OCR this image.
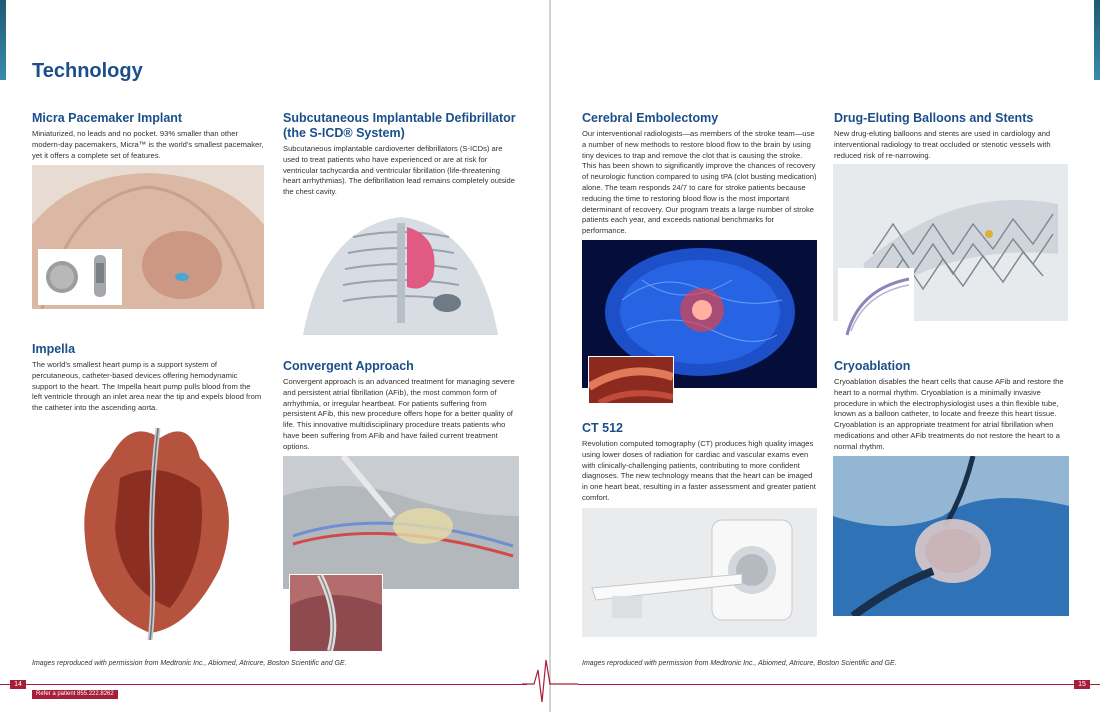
Technology
Micra Pacemaker Implant

Miniaturized, no leads and no pocket. 93% smaller than other modern-day pacemakers, Micra™ is the world's smallest pacemaker, yet it offers a complete set of features.

Subcutaneous Implantable Defibrillator (the S-ICD® System)

Subcutaneous implantable cardioverter defibrillators (S-ICDs) are used to treat patients who have experienced or are at risk for ventricular tachycardia and ventricular fibrillation (life-threatening heart arrhythmias). The defibrillation lead remains completely outside the chest cavity.

Impella

The world's smallest heart pump is a support system of percutaneous, catheter-based devices offering hemodynamic support to the heart. The Impella heart pump pulls blood from the left ventricle through an inlet area near the tip and expels blood from the catheter into the ascending aorta.

Convergent Approach

Convergent approach is an advanced treatment for managing severe and persistent atrial fibrillation (AFib), the most common form of arrhythmia, or irregular heartbeat. For patients suffering from persistent AFib, this new procedure offers hope for a better quality of life. This innovative multidisciplinary procedure treats patients who have been suffering from AFib and have failed current treatment options.

Cerebral Embolectomy

Our interventional radiologists—as members of the stroke team—use a number of new methods to restore blood flow to the brain by using tiny devices to trap and remove the clot that is causing the stroke. This has been shown to significantly improve the chances of recovery of neurologic function compared to using tPA (clot busting medication) alone. The team responds 24/7 to care for stroke patients because reducing the time to restoring blood flow is the most important determinant of recovery. Our program treats a large number of stroke patients each year, and exceeds national benchmarks for performance.

Drug-Eluting Balloons and Stents

New drug-eluting balloons and stents are used in cardiology and interventional radiology to treat occluded or stenotic vessels with reduced risk of re-narrowing.

CT 512

Revolution computed tomography (CT) produces high quality images using lower doses of radiation for cardiac and vascular exams even with clinically-challenging patients, contributing to more confident diagnoses. The new technology means that the heart can be imaged in one heart beat, resulting in a faster assessment and greater patient comfort.

Cryoablation

Cryoablation disables the heart cells that cause AFib and restore the heart to a normal rhythm. Cryoablation is a minimally invasive procedure in which the electrophysiologist uses a thin flexible tube, known as a balloon catheter, to locate and freeze this heart tissue. Cryoablation is an appropriate treatment for atrial fibrillation when medications and other AFib treatments do not restore the heart to a normal rhythm.

Images reproduced with permission from Medtronic Inc., Abiomed, Atricure, Boston Scientific and GE.	Images reproduced with permission from Medtronic Inc., Abiomed, Atricure, Boston Scientific and GE.
14	15
Refer a patient 855.222.8262
